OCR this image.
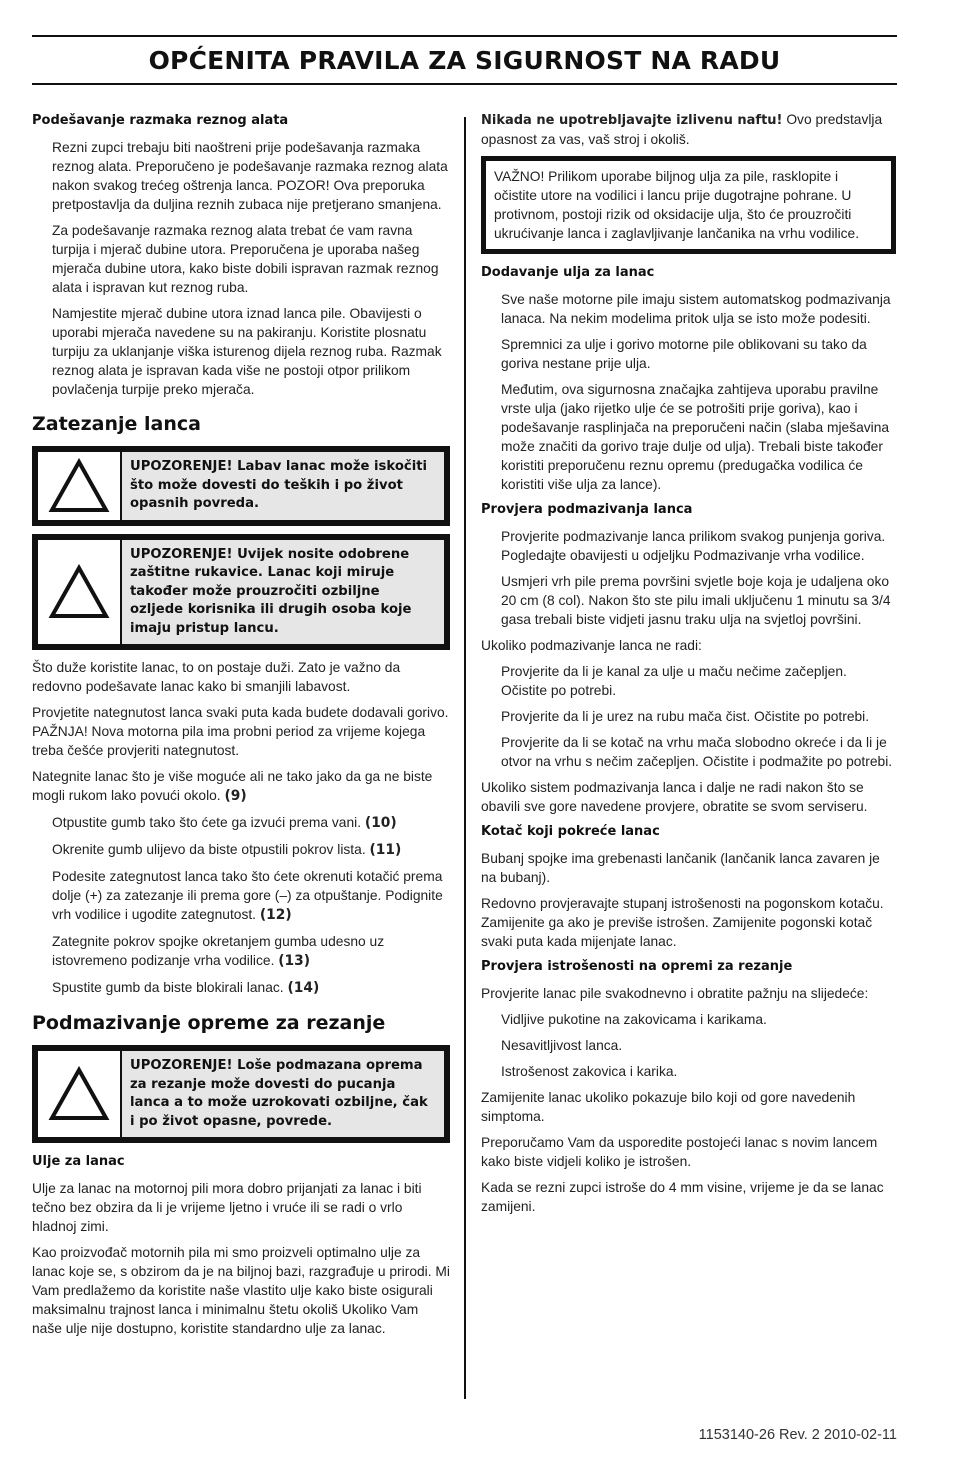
OPĆENITA PRAVILA ZA SIGURNOST NA RADU
Podešavanje razmaka reznog alata
Rezni zupci trebaju biti naoštreni prije podešavanja razmaka reznog alata. Preporučeno je podešavanje razmaka reznog alata nakon svakog trećeg oštrenja lanca. POZOR! Ova preporuka pretpostavlja da duljina reznih zubaca nije pretjerano smanjena.
Za podešavanje razmaka reznog alata trebat će vam ravna turpija i mjerač dubine utora. Preporučena je uporaba našeg mjerača dubine utora, kako biste dobili ispravan razmak reznog alata i ispravan kut reznog ruba.
Namjestite mjerač dubine utora iznad lanca pile. Obavijesti o uporabi mjerača navedene su na pakiranju. Koristite plosnatu turpiju za uklanjanje viška isturenog dijela reznog ruba. Razmak reznog alata je ispravan kada više ne postoji otpor prilikom povlačenja turpije preko mjerača.
Zatezanje lanca
UPOZORENJE! Labav lanac može iskočiti što može dovesti do teških i po život opasnih povreda.
UPOZORENJE! Uvijek nosite odobrene zaštitne rukavice. Lanac koji miruje također može prouzročiti ozbiljne ozljede korisnika ili drugih osoba koje imaju pristup lancu.
Što duže koristite lanac, to on postaje duži. Zato je važno da redovno podešavate lanac kako bi smanjili labavost.
Provjetite nategnutost lanca svaki puta kada budete dodavali gorivo. PAŽNJA! Nova motorna pila ima probni period za vrijeme kojega treba češće provjeriti nategnutost.
Nategnite lanac što je više moguće ali ne tako jako da ga ne biste mogli rukom lako povući okolo. (9)
Otpustite gumb tako što ćete ga izvući prema vani. (10)
Okrenite gumb ulijevo da biste otpustili pokrov lista. (11)
Podesite zategnutost lanca tako što ćete okrenuti kotačić prema dolje (+) za zatezanje ili prema gore (–) za otpuštanje. Podignite vrh vodilice i ugodite zategnutost. (12)
Zategnite pokrov spojke okretanjem gumba udesno uz istovremeno podizanje vrha vodilice. (13)
Spustite gumb da biste blokirali lanac. (14)
Podmazivanje opreme za rezanje
UPOZORENJE! Loše podmazana oprema za rezanje može dovesti do pucanja lanca a to može uzrokovati ozbiljne, čak i po život opasne, povrede.
Ulje za lanac
Ulje za lanac na motornoj pili mora dobro prijanjati za lanac i biti tečno bez obzira da li je vrijeme ljetno i vruće ili se radi o vrlo hladnoj zimi.
Kao proizvođač motornih pila mi smo proizveli optimalno ulje za lanac koje se, s obzirom da je na biljnoj bazi, razgrađuje u prirodi. Mi Vam predlažemo da koristite naše vlastito ulje kako biste osigurali maksimalnu trajnost lanca i minimalnu štetu okoliš Ukoliko Vam naše ulje nije dostupno, koristite standardno ulje za lanac.
Nikada ne upotrebljavajte izlivenu naftu! Ovo predstavlja opasnost za vas, vaš stroj i okoliš.
VAŽNO! Prilikom uporabe biljnog ulja za pile, rasklopite i očistite utore na vodilici i lancu prije dugotrajne pohrane. U protivnom, postoji rizik od oksidacije ulja, što će prouzročiti ukrućivanje lanca i zaglavljivanje lančanika na vrhu vodilice.
Dodavanje ulja za lanac
Sve naše motorne pile imaju sistem automatskog podmazivanja lanaca. Na nekim modelima pritok ulja se isto može podesiti.
Spremnici za ulje i gorivo motorne pile oblikovani su tako da goriva nestane prije ulja.
Međutim, ova sigurnosna značajka zahtijeva uporabu pravilne vrste ulja (jako rijetko ulje će se potrošiti prije goriva), kao i podešavanje rasplinjača na preporučeni način (slaba mješavina može značiti da gorivo traje dulje od ulja). Trebali biste također koristiti preporučenu reznu opremu (predugačka vodilica će koristiti više ulja za lance).
Provjera podmazivanja lanca
Provjerite podmazivanje lanca prilikom svakog punjenja goriva. Pogledajte obavijesti u odjeljku Podmazivanje vrha vodilice.
Usmjeri vrh pile prema površini svjetle boje koja je udaljena oko 20 cm (8 col). Nakon što ste pilu imali uključenu 1 minutu sa 3/4 gasa trebali biste vidjeti jasnu traku ulja na svjetloj površini.
Ukoliko podmazivanje lanca ne radi:
Provjerite da li je kanal za ulje u maču nečime začepljen. Očistite po potrebi.
Provjerite da li je urez na rubu mača čist. Očistite po potrebi.
Provjerite da li se kotač na vrhu mača slobodno okreće i da li je otvor na vrhu s nečim začepljen. Očistite i podmažite po potrebi.
Ukoliko sistem podmazivanja lanca i dalje ne radi nakon što se obavili sve gore navedene provjere, obratite se svom serviseru.
Kotač koji pokreće lanac
Bubanj spojke ima grebenasti lančanik (lančanik lanca zavaren je na bubanj).
Redovno provjeravajte stupanj istrošenosti na pogonskom kotaču. Zamijenite ga ako je previše istrošen. Zamijenite pogonski kotač svaki puta kada mijenjate lanac.
Provjera istrošenosti na opremi za rezanje
Provjerite lanac pile svakodnevno i obratite pažnju na slijedeće:
Vidljive pukotine na zakovicama i karikama.
Nesavitljivost lanca.
Istrošenost zakovica i karika.
Zamijenite lanac ukoliko pokazuje bilo koji od gore navedenih simptoma.
Preporučamo Vam da usporedite postojeći lanac s novim lancem kako biste vidjeli koliko je istrošen.
Kada se rezni zupci istroše do 4 mm visine, vrijeme je da se lanac zamijeni.
1153140-26 Rev. 2 2010-02-11
